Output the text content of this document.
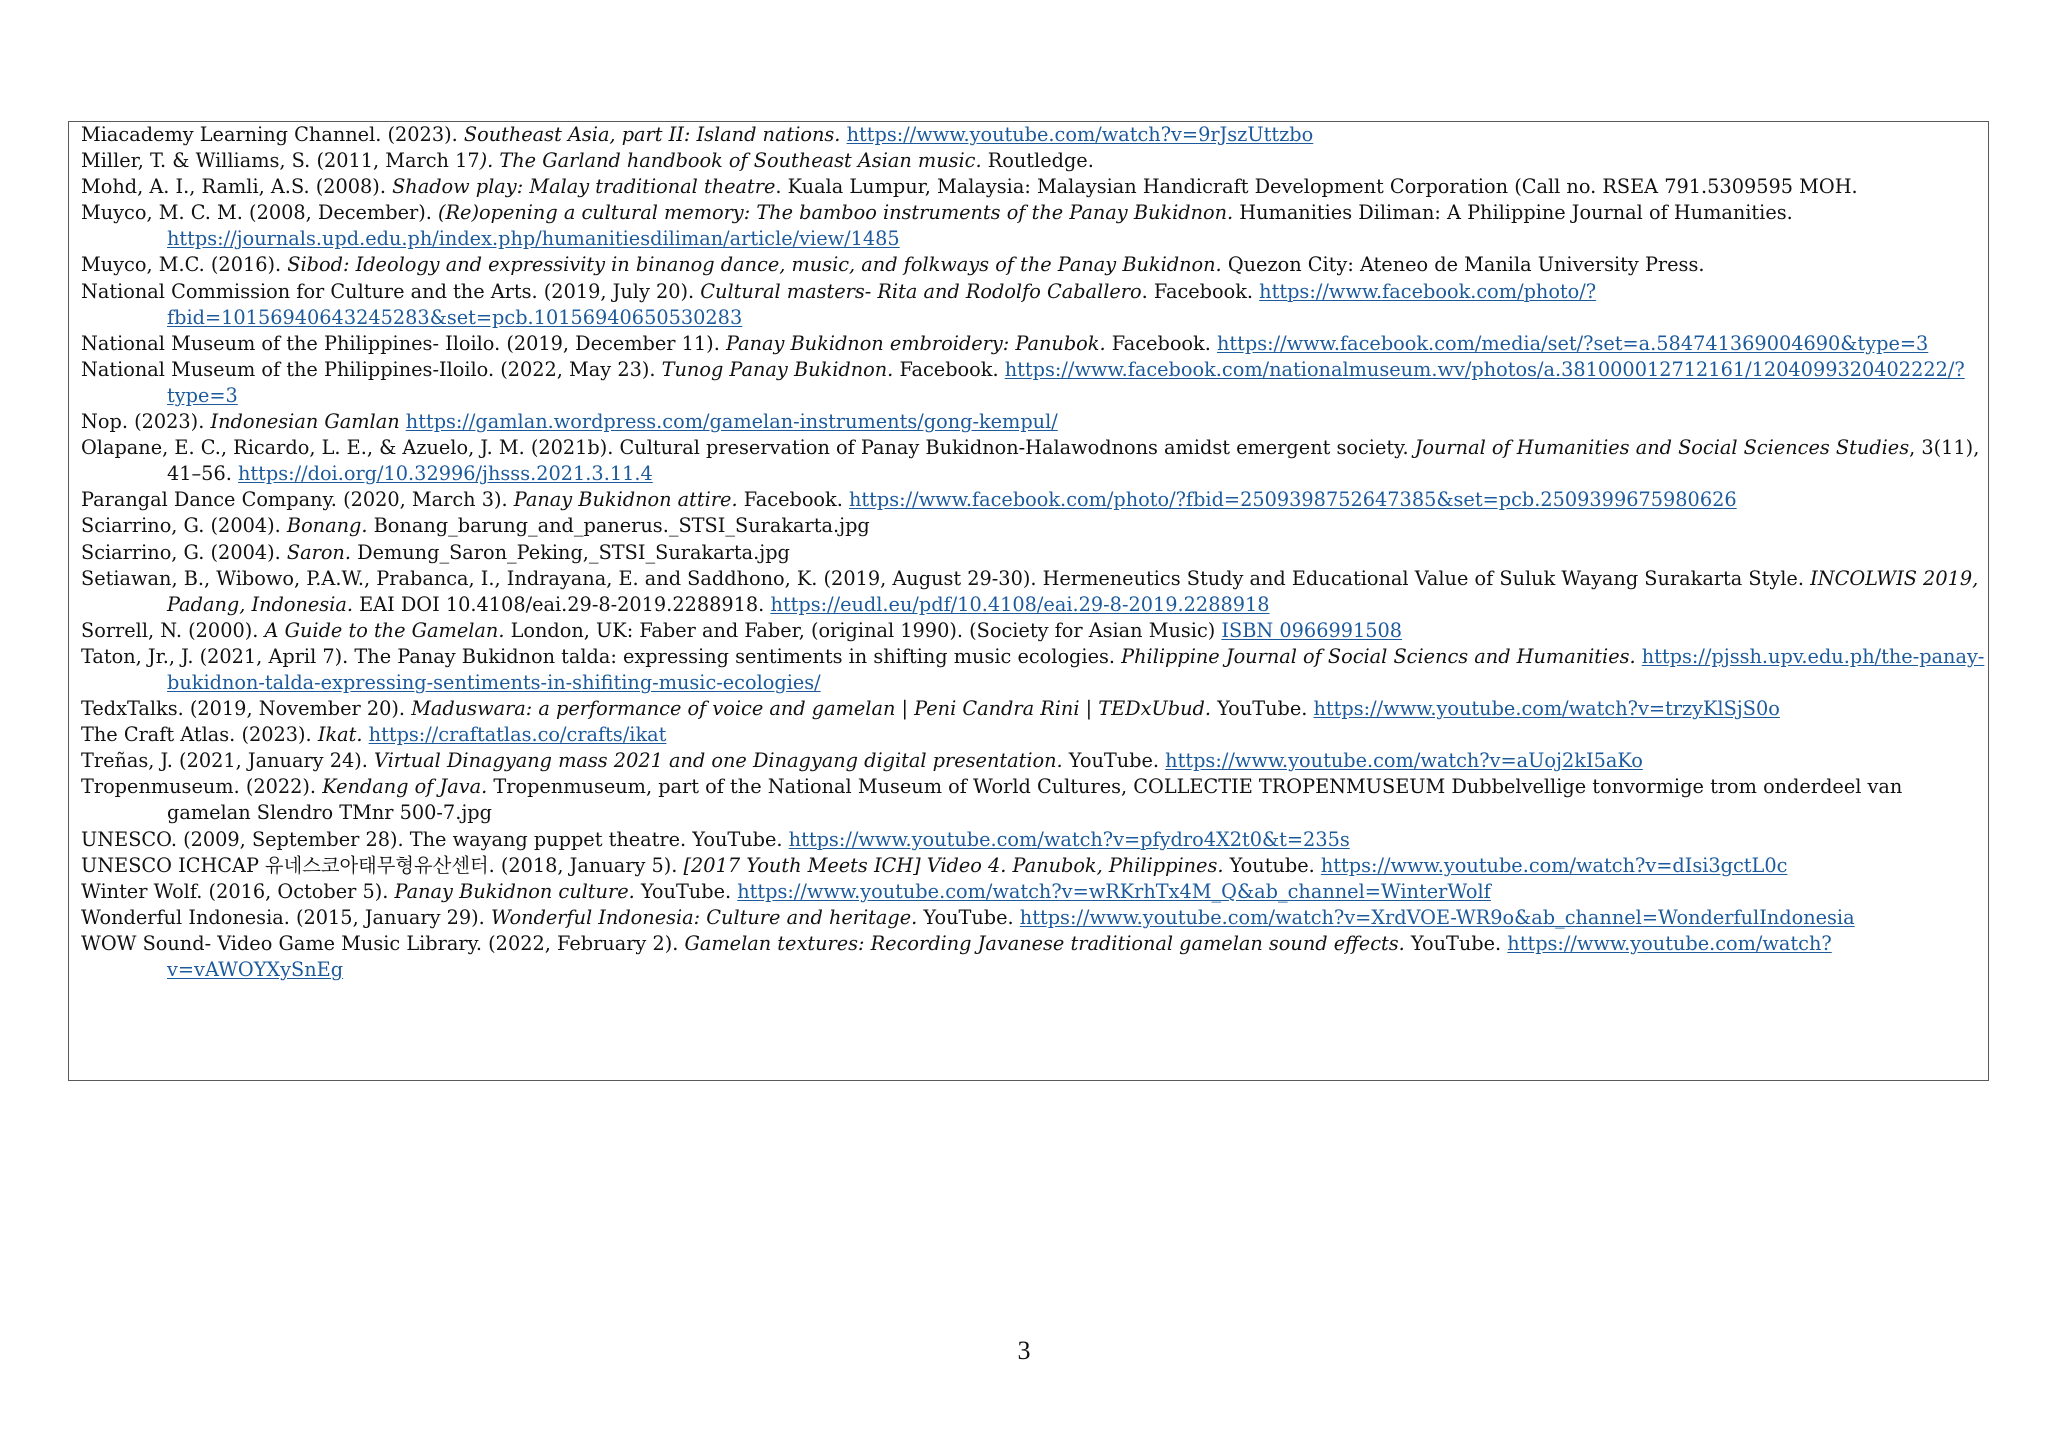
Miacademy Learning Channel. (2023). Southeast Asia, part II: Island nations. https://www.youtube.com/watch?v=9rJszUttzbo
Miller, T. & Williams, S. (2011, March 17). The Garland handbook of Southeast Asian music. Routledge.
Mohd, A. I., Ramli, A.S. (2008). Shadow play: Malay traditional theatre. Kuala Lumpur, Malaysia: Malaysian Handicraft Development Corporation (Call no. RSEA 791.5309595 MOH.
Muyco, M. C. M. (2008, December). (Re)opening a cultural memory: The bamboo instruments of the Panay Bukidnon. Humanities Diliman: A Philippine Journal of Humanities. https://journals.upd.edu.ph/index.php/humanitiesdiliman/article/view/1485
Muyco, M.C. (2016). Sibod: Ideology and expressivity in binanog dance, music, and folkways of the Panay Bukidnon. Quezon City: Ateneo de Manila University Press.
National Commission for Culture and the Arts. (2019, July 20). Cultural masters- Rita and Rodolfo Caballero. Facebook. https://www.facebook.com/photo/?fbid=10156940643245283&set=pcb.10156940650530283
National Museum of the Philippines- Iloilo. (2019, December 11). Panay Bukidnon embroidery: Panubok. Facebook. https://www.facebook.com/media/set/?set=a.584741369004690&type=3
National Museum of the Philippines-Iloilo. (2022, May 23). Tunog Panay Bukidnon. Facebook. https://www.facebook.com/nationalmuseum.wv/photos/a.381000012712161/1204099320402222/?type=3
Nop. (2023). Indonesian Gamlan https://gamlan.wordpress.com/gamelan-instruments/gong-kempul/
Olapane, E. C., Ricardo, L. E., & Azuelo, J. M. (2021b). Cultural preservation of Panay Bukidnon-Halawodnons amidst emergent society. Journal of Humanities and Social Sciences Studies, 3(11), 41–56. https://doi.org/10.32996/jhsss.2021.3.11.4
Parangal Dance Company. (2020, March 3). Panay Bukidnon attire. Facebook. https://www.facebook.com/photo/?fbid=2509398752647385&set=pcb.2509399675980626
Sciarrino, G. (2004). Bonang. Bonang_barung_and_panerus._STSI_Surakarta.jpg
Sciarrino, G. (2004). Saron. Demung_Saron_Peking,_STSI_Surakarta.jpg
Setiawan, B., Wibowo, P.A.W., Prabanca, I., Indrayana, E. and Saddhono, K. (2019, August 29-30). Hermeneutics Study and Educational Value of Suluk Wayang Surakarta Style. INCOLWIS 2019, Padang, Indonesia. EAI DOI 10.4108/eai.29-8-2019.2288918. https://eudl.eu/pdf/10.4108/eai.29-8-2019.2288918
Sorrell, N. (2000). A Guide to the Gamelan. London, UK: Faber and Faber, (original 1990). (Society for Asian Music) ISBN 0966991508
Taton, Jr., J. (2021, April 7). The Panay Bukidnon talda: expressing sentiments in shifting music ecologies. Philippine Journal of Social Sciencs and Humanities. https://pjssh.upv.edu.ph/the-panay-bukidnon-talda-expressing-sentiments-in-shifiting-music-ecologies/
TedxTalks. (2019, November 20). Maduswara: a performance of voice and gamelan | Peni Candra Rini | TEDxUbud. YouTube. https://www.youtube.com/watch?v=trzyKlSjS0o
The Craft Atlas. (2023). Ikat. https://craftatlas.co/crafts/ikat
Treñas, J. (2021, January 24). Virtual Dinagyang mass 2021 and one Dinagyang digital presentation. YouTube. https://www.youtube.com/watch?v=aUoj2kI5aKo
Tropenmuseum. (2022). Kendang of Java. Tropenmuseum, part of the National Museum of World Cultures, COLLECTIE TROPENMUSEUM Dubbelvellige tonvormige trom onderdeel van gamelan Slendro TMnr 500-7.jpg
UNESCO. (2009, September 28). The wayang puppet theatre. YouTube. https://www.youtube.com/watch?v=pfydro4X2t0&t=235s
UNESCO ICHCAP 유네스코아태무형유산센터. (2018, January 5). [2017 Youth Meets ICH] Video 4. Panubok, Philippines. Youtube. https://www.youtube.com/watch?v=dIsi3gctL0c
Winter Wolf. (2016, October 5). Panay Bukidnon culture. YouTube. https://www.youtube.com/watch?v=wRKrhTx4M_Q&ab_channel=WinterWolf
Wonderful Indonesia. (2015, January 29). Wonderful Indonesia: Culture and heritage. YouTube. https://www.youtube.com/watch?v=XrdVOE-WR9o&ab_channel=WonderfulIndonesia
WOW Sound- Video Game Music Library. (2022, February 2). Gamelan textures: Recording Javanese traditional gamelan sound effects. YouTube. https://www.youtube.com/watch?v=vAWOYXySnEg
3
